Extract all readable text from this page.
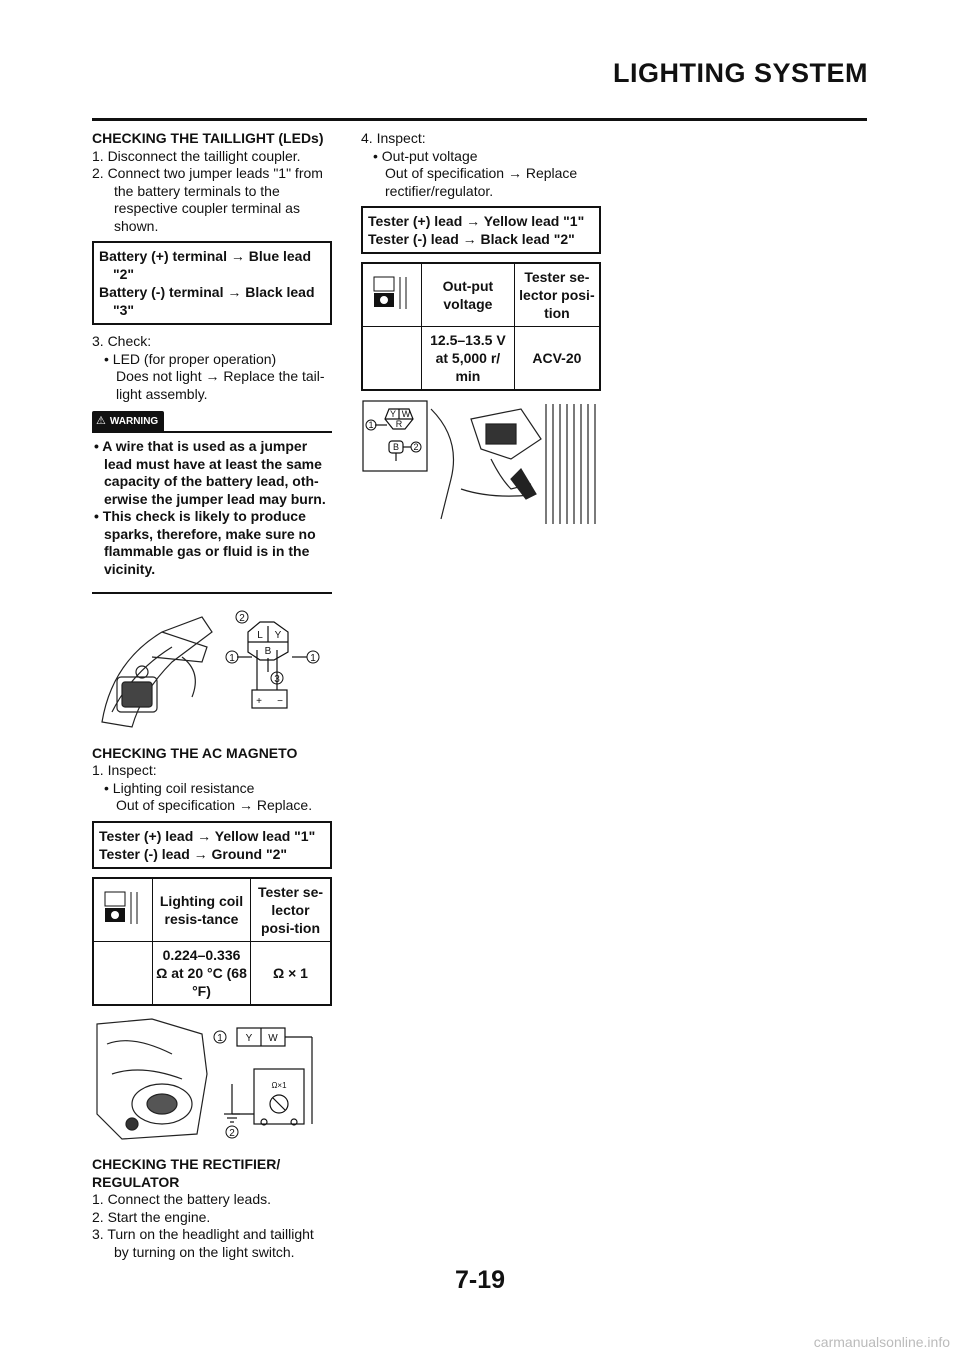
LIGHTING SYSTEM

CHECKING THE TAILLIGHT (LEDs)

1. Disconnect the taillight coupler.

2. Connect two jumper leads "1" from the battery terminals to the respective coupler terminal as shown.

Battery (+) terminal → Blue lead "2"
Battery (-) terminal → Black lead "3"

3. Check:

• LED (for proper operation)

Does not light → Replace the tail-light assembly.

⚠ WARNING

• A wire that is used as a jumper lead must have at least the same capacity of the battery lead, oth-erwise the jumper lead may burn.

• This check is likely to produce sparks, therefore, make sure no flammable gas or fluid is in the vicinity.

2
L Y
B
1	1
3
+ −

CHECKING THE AC MAGNETO

1. Inspect:

• Lighting coil resistance

Out of specification → Replace.

Tester (+) lead → Yellow lead "1"
Tester (-) lead → Ground "2"
	Lighting coil resis-tance	Tester se-lector posi-tion
	0.224–0.336 Ω at 20 °C (68 °F)	Ω × 1
1 Y W
Ω×1
2

CHECKING THE RECTIFIER/ REGULATOR

1. Connect the battery leads.

2. Start the engine.

3. Turn on the headlight and taillight by turning on the light switch.

4. Inspect:

• Out-put voltage

Out of specification → Replace rectifier/regulator.

Tester (+) lead → Yellow lead "1"
Tester (-) lead → Black lead "2"
	Out-put voltage	Tester se-lector posi-tion
	12.5–13.5 V at 5,000 r/ min	ACV-20
Y W
R
B
1
2
7-19
carmanualsonline.info
